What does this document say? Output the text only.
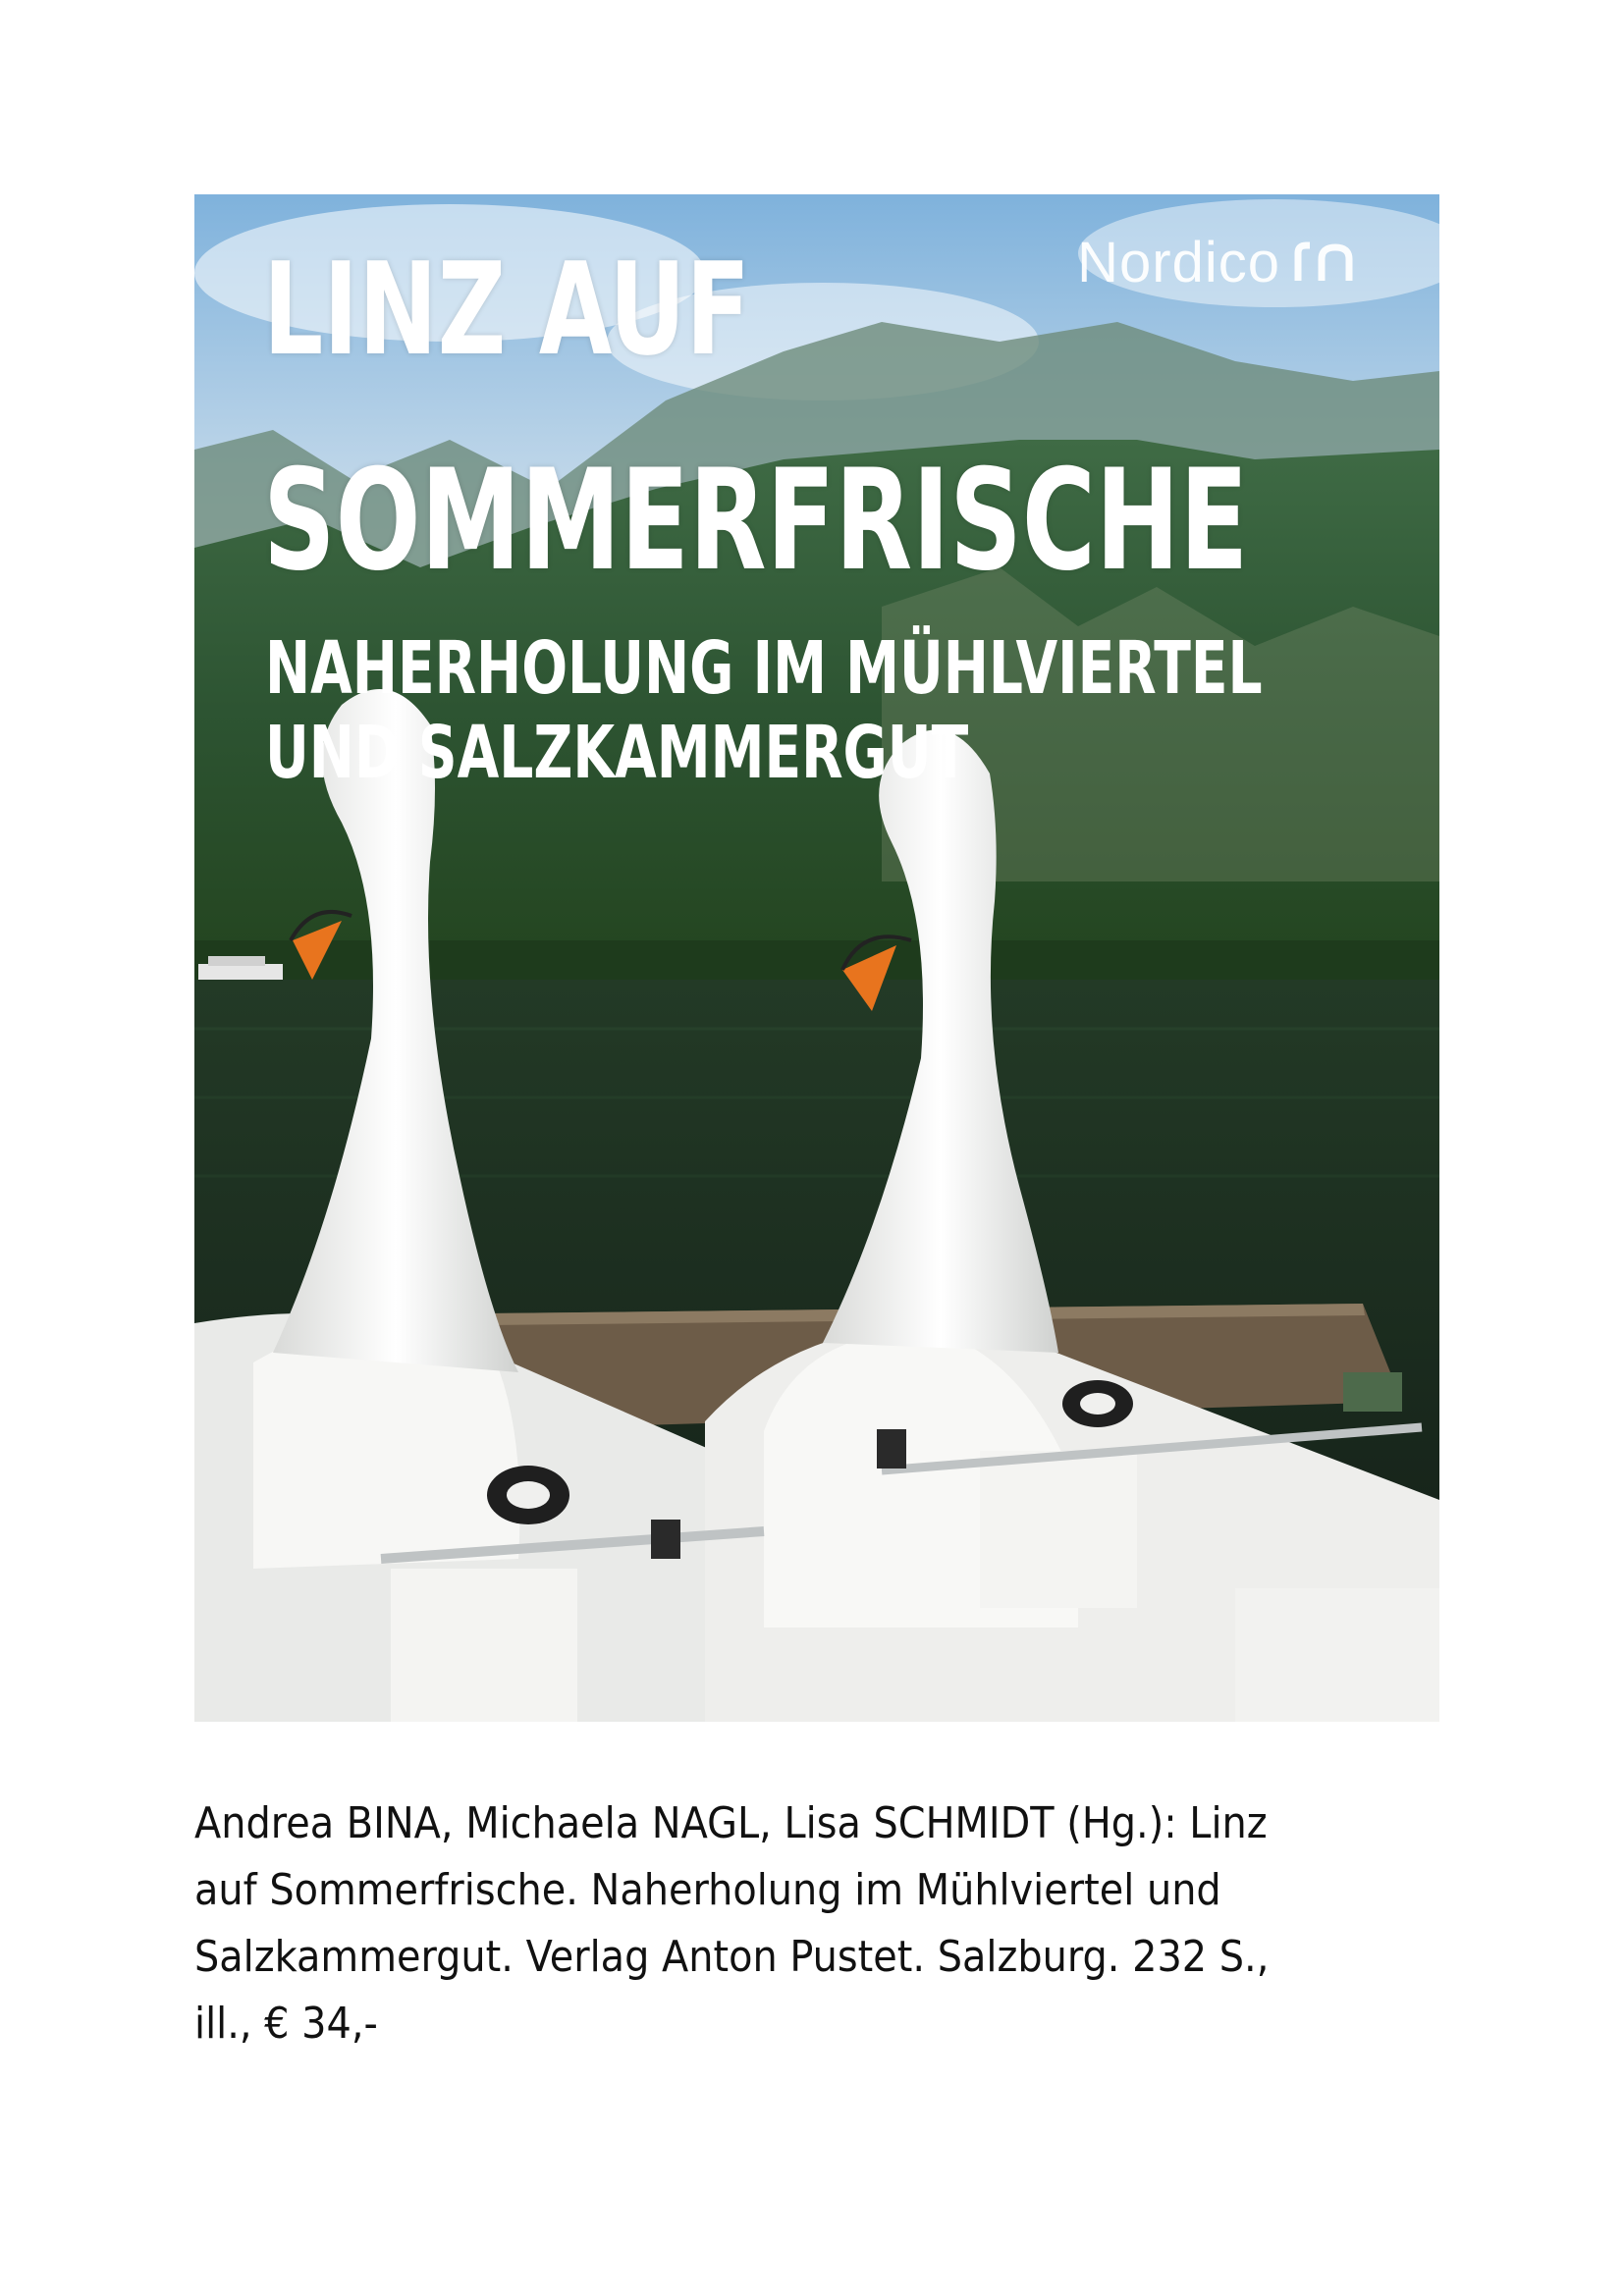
Nordico
LINZ AUF
SOMMERFRISCHE
NAHERHOLUNG IM MÜHLVIERTEL
UND SALZKAMMERGUT
Andrea BINA, Michaela NAGL, Lisa SCHMIDT (Hg.): Linz
auf Sommerfrische. Naherholung im Mühlviertel und
Salzkammergut. Verlag Anton Pustet. Salzburg. 232 S.,
ill., € 34,-
